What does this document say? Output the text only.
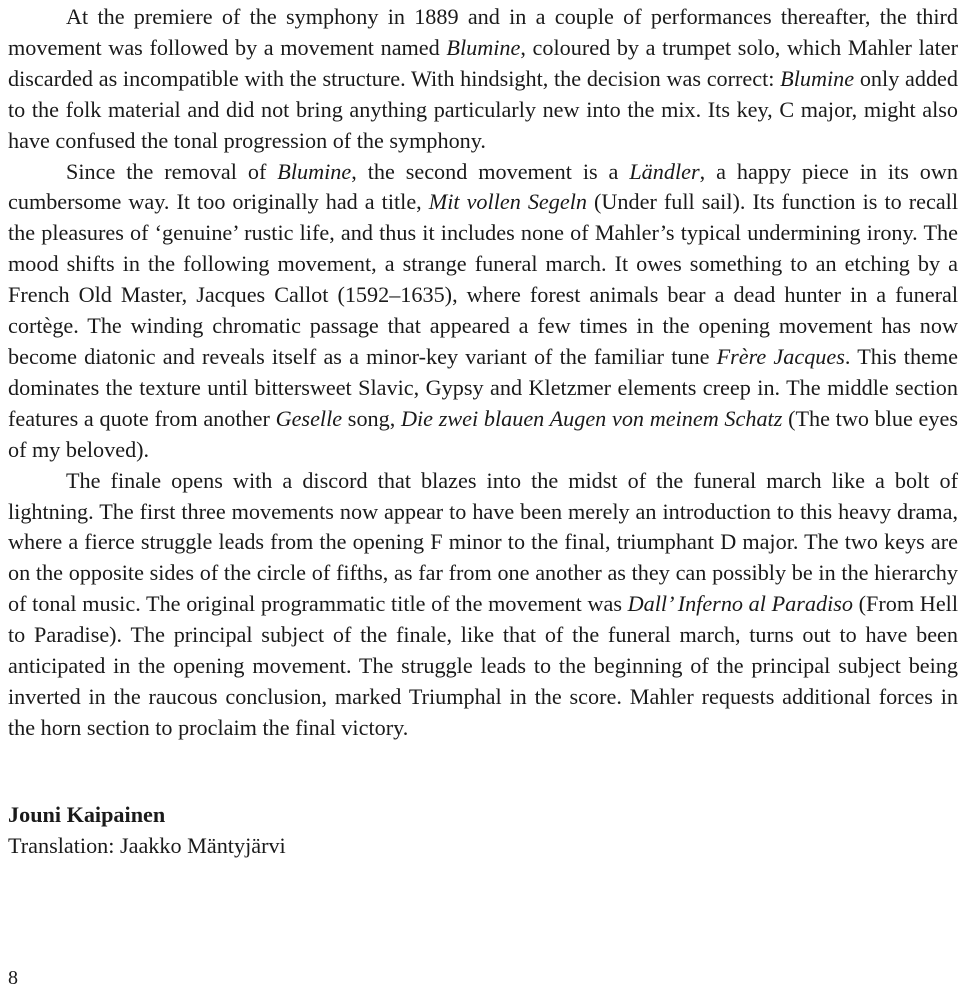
At the premiere of the symphony in 1889 and in a couple of performances thereafter, the third movement was followed by a movement named Blumine, coloured by a trumpet solo, which Mahler later discarded as incompatible with the structure. With hindsight, the decision was correct: Blumine only added to the folk material and did not bring anything particularly new into the mix. Its key, C major, might also have confused the tonal progression of the symphony.

Since the removal of Blumine, the second movement is a Ländler, a happy piece in its own cumbersome way. It too originally had a title, Mit vollen Segeln (Under full sail). Its function is to recall the pleasures of ‘genuine’ rustic life, and thus it includes none of Mahler’s typical undermining irony. The mood shifts in the following movement, a strange funeral march. It owes something to an etching by a French Old Master, Jacques Callot (1592–1635), where forest animals bear a dead hunter in a funeral cortège. The winding chromatic passage that appeared a few times in the opening movement has now become diatonic and reveals itself as a minor-key variant of the familiar tune Frère Jacques. This theme dominates the texture until bittersweet Slavic, Gypsy and Kletzmer elements creep in. The middle section features a quote from another Geselle song, Die zwei blauen Augen von meinem Schatz (The two blue eyes of my beloved).

The finale opens with a discord that blazes into the midst of the funeral march like a bolt of lightning. The first three movements now appear to have been merely an introduction to this heavy drama, where a fierce struggle leads from the opening F minor to the final, triumphant D major. The two keys are on the opposite sides of the circle of fifths, as far from one another as they can possibly be in the hierarchy of tonal music. The original programmatic title of the movement was Dall’ Inferno al Paradiso (From Hell to Paradise). The principal subject of the finale, like that of the funeral march, turns out to have been anticipated in the opening movement. The struggle leads to the beginning of the principal subject being inverted in the raucous conclusion, marked Triumphal in the score. Mahler requests additional forces in the horn section to proclaim the final victory.

Jouni Kaipainen
Translation: Jaakko Mäntyjärvi
8
